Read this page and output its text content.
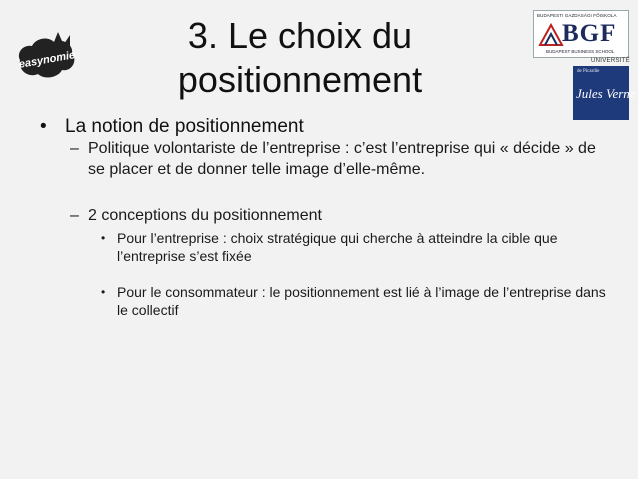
easynomie
3. Le choix du
positionnement
BUDAPESTI GAZDASÁGI FŐISKOLA
BGF
BUDAPEST BUSINESS SCHOOL
UNIVERSITÉ
de Picardie
Jules Verne
• La notion de positionnement
– Politique volontariste de l’entreprise : c’est l’entreprise qui « décide » de se placer et de donner telle image d’elle-même.
– 2 conceptions du positionnement
• Pour l’entreprise : choix stratégique qui cherche à atteindre la cible que l’entreprise s’est fixée
• Pour le consommateur : le positionnement est lié à l’image de l’entreprise dans le collectif
